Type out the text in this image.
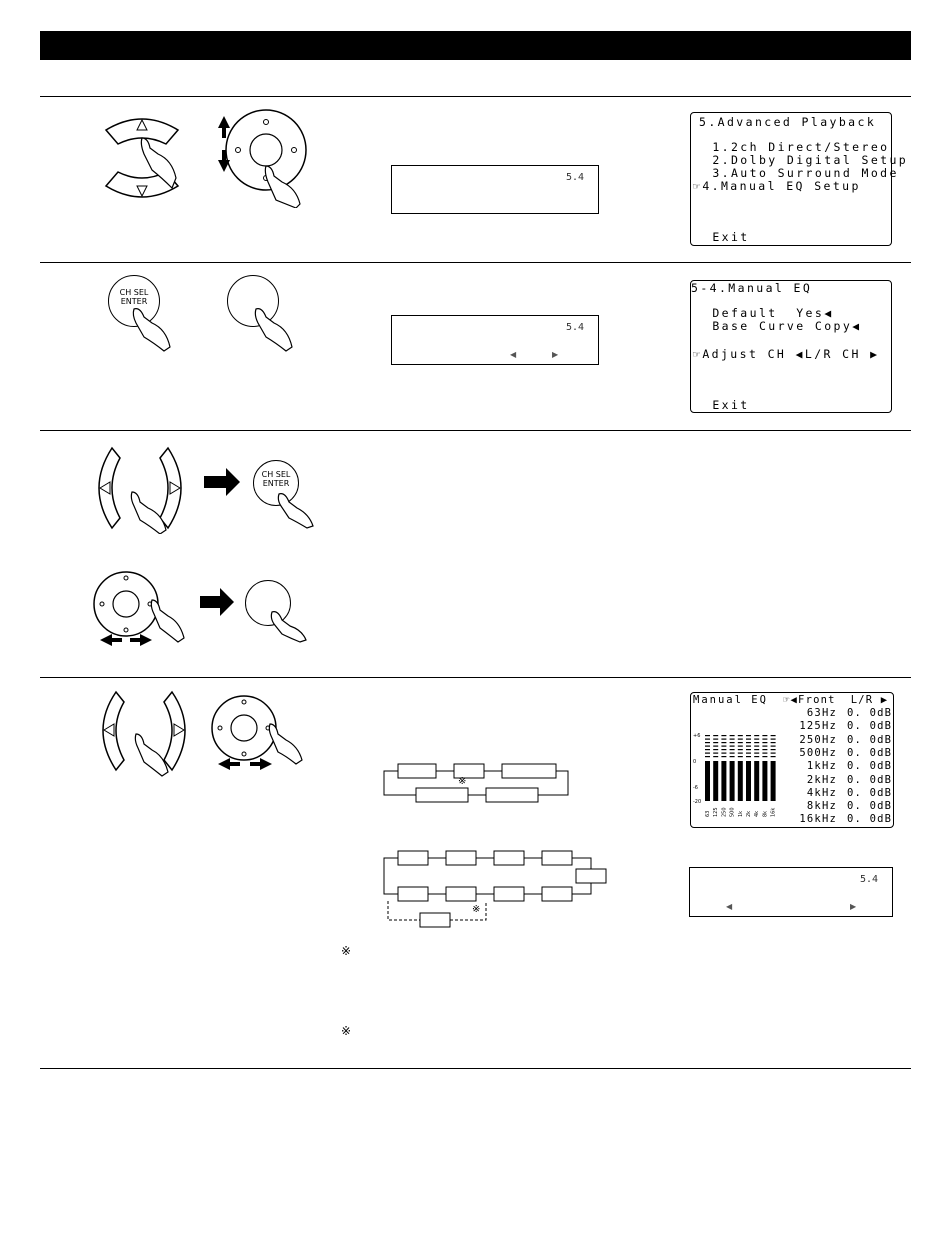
5.4
5.Advanced Playback
1.2ch Direct/Stereo
2.Dolby Digital Setup
3.Auto Surround Mode
☞4.Manual EQ Setup
Exit
CH SEL ENTER
5.4
◀	▶
5-4.Manual EQ
Default  Yes◀
Base Curve Copy◀
☞Adjust CH ◀L/R CH ▶
Exit
CH SEL ENTER
※
※
Manual EQ ☞◀Front  L/R ▶
63Hz 0. 0dB
125Hz 0. 0dB
250Hz 0. 0dB
500Hz 0. 0dB
1kHz 0. 0dB
2kHz 0. 0dB
4kHz 0. 0dB
8kHz 0. 0dB
16kHz 0. 0dB
+6
0
-6
-20
63 125 250 500 1k 2k 4k 8k 16k
5.4
◀	▶
※
※
